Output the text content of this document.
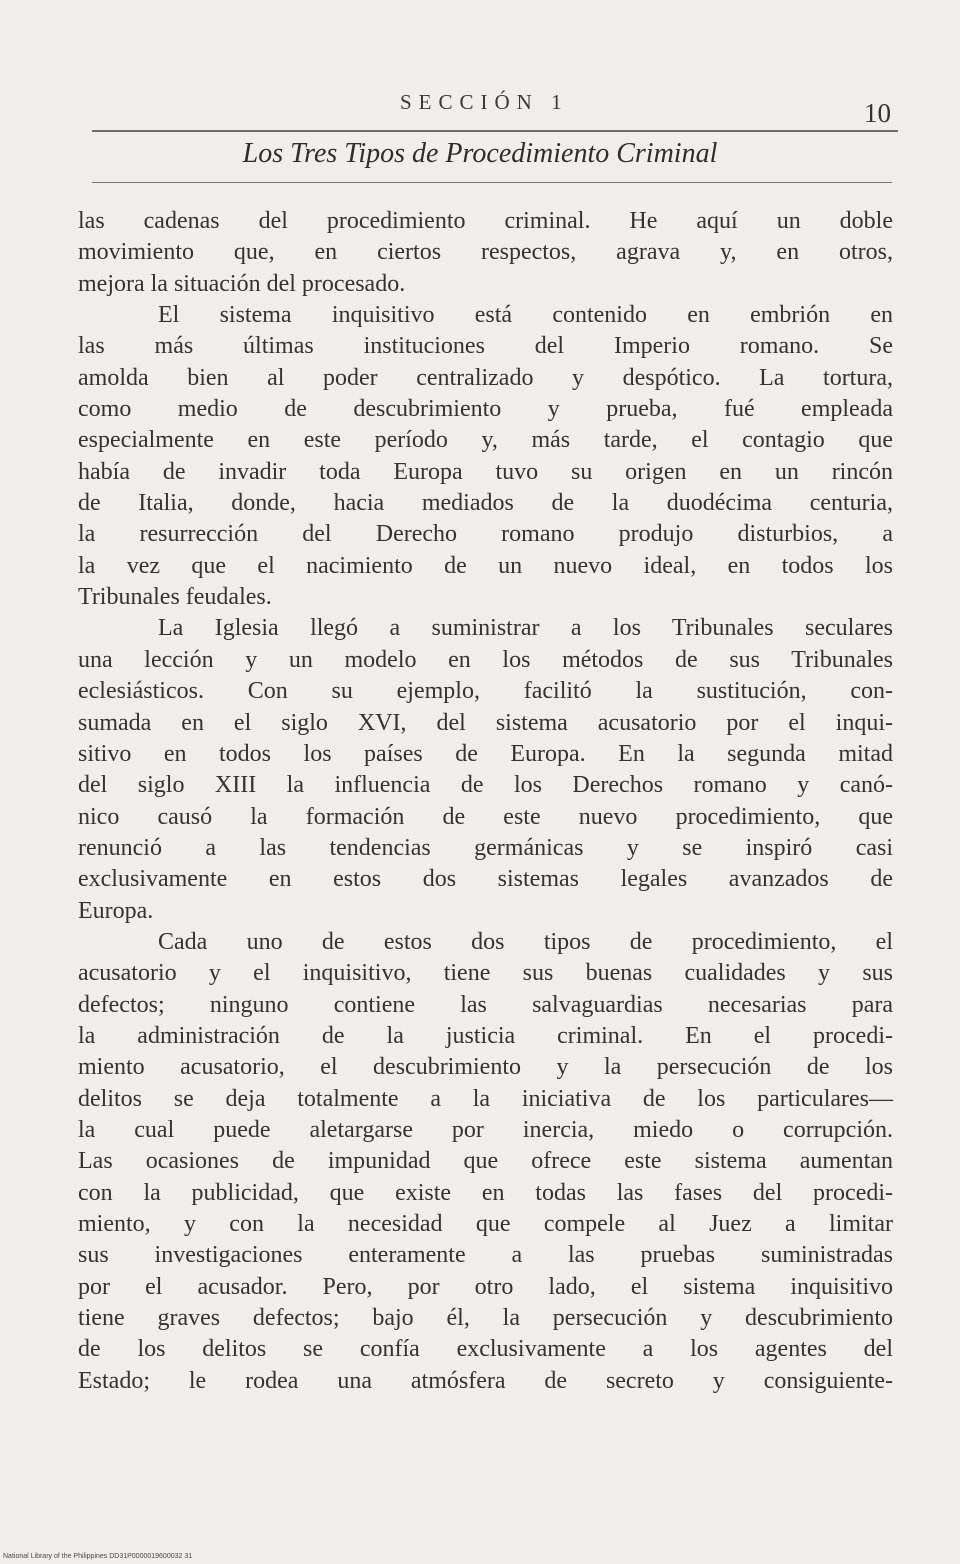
SECCIÓN 1	10
Los Tres Tipos de Procedimiento Criminal
las cadenas del procedimiento criminal. He aquí un doble
movimiento que, en ciertos respectos, agrava y, en otros,
mejora la situación del procesado.
El sistema inquisitivo está contenido en embrión en
las más últimas instituciones del Imperio romano. Se
amolda bien al poder centralizado y despótico. La tortura,
como medio de descubrimiento y prueba, fué empleada
especialmente en este período y, más tarde, el contagio que
había de invadir toda Europa tuvo su origen en un rincón
de Italia, donde, hacia mediados de la duodécima centuria,
la resurrección del Derecho romano produjo disturbios, a
la vez que el nacimiento de un nuevo ideal, en todos los
Tribunales feudales.
La Iglesia llegó a suministrar a los Tribunales seculares
una lección y un modelo en los métodos de sus Tribunales
eclesiásticos. Con su ejemplo, facilitó la sustitución, con-
sumada en el siglo XVI, del sistema acusatorio por el inqui-
sitivo en todos los países de Europa. En la segunda mitad
del siglo XIII la influencia de los Derechos romano y canó-
nico causó la formación de este nuevo procedimiento, que
renunció a las tendencias germánicas y se inspiró casi
exclusivamente en estos dos sistemas legales avanzados de
Europa.
Cada uno de estos dos tipos de procedimiento, el
acusatorio y el inquisitivo, tiene sus buenas cualidades y sus
defectos; ninguno contiene las salvaguardias necesarias para
la administración de la justicia criminal. En el procedi-
miento acusatorio, el descubrimiento y la persecución de los
delitos se deja totalmente a la iniciativa de los particulares—
la cual puede aletargarse por inercia, miedo o corrupción.
Las ocasiones de impunidad que ofrece este sistema aumentan
con la publicidad, que existe en todas las fases del procedi-
miento, y con la necesidad que compele al Juez a limitar
sus investigaciones enteramente a las pruebas suministradas
por el acusador. Pero, por otro lado, el sistema inquisitivo
tiene graves defectos; bajo él, la persecución y descubrimiento
de los delitos se confía exclusivamente a los agentes del
Estado; le rodea una atmósfera de secreto y consiguiente-
National Library of the Philippines DD31P0000019600032 31
